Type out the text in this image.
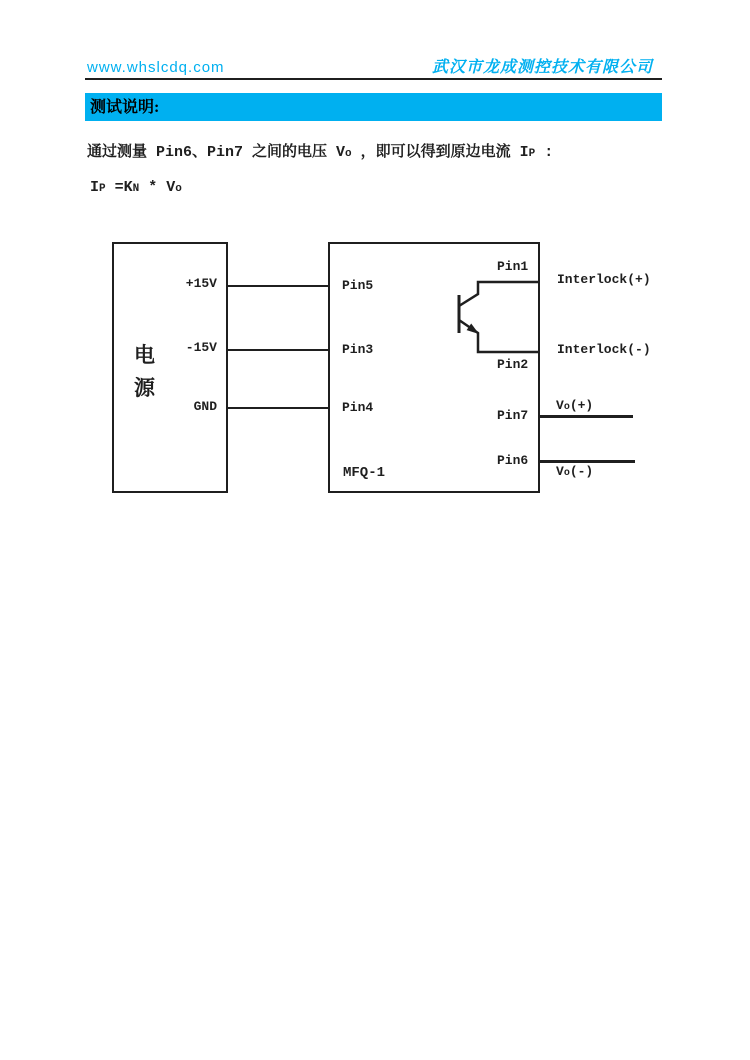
www.whslcdq.com	武汉市龙成测控技术有限公司
测试说明:
通过测量 Pin6、Pin7 之间的电压 Vo ，即可以得到原边电流 IP :
IP =KN * Vo
电
源
+15V
-15V
GND
Pin5
Pin3
Pin4
MFQ-1
Pin1
Pin2
Pin7
Pin6
Interlock(+)
Interlock(-)
Vo(+)
Vo(-)
